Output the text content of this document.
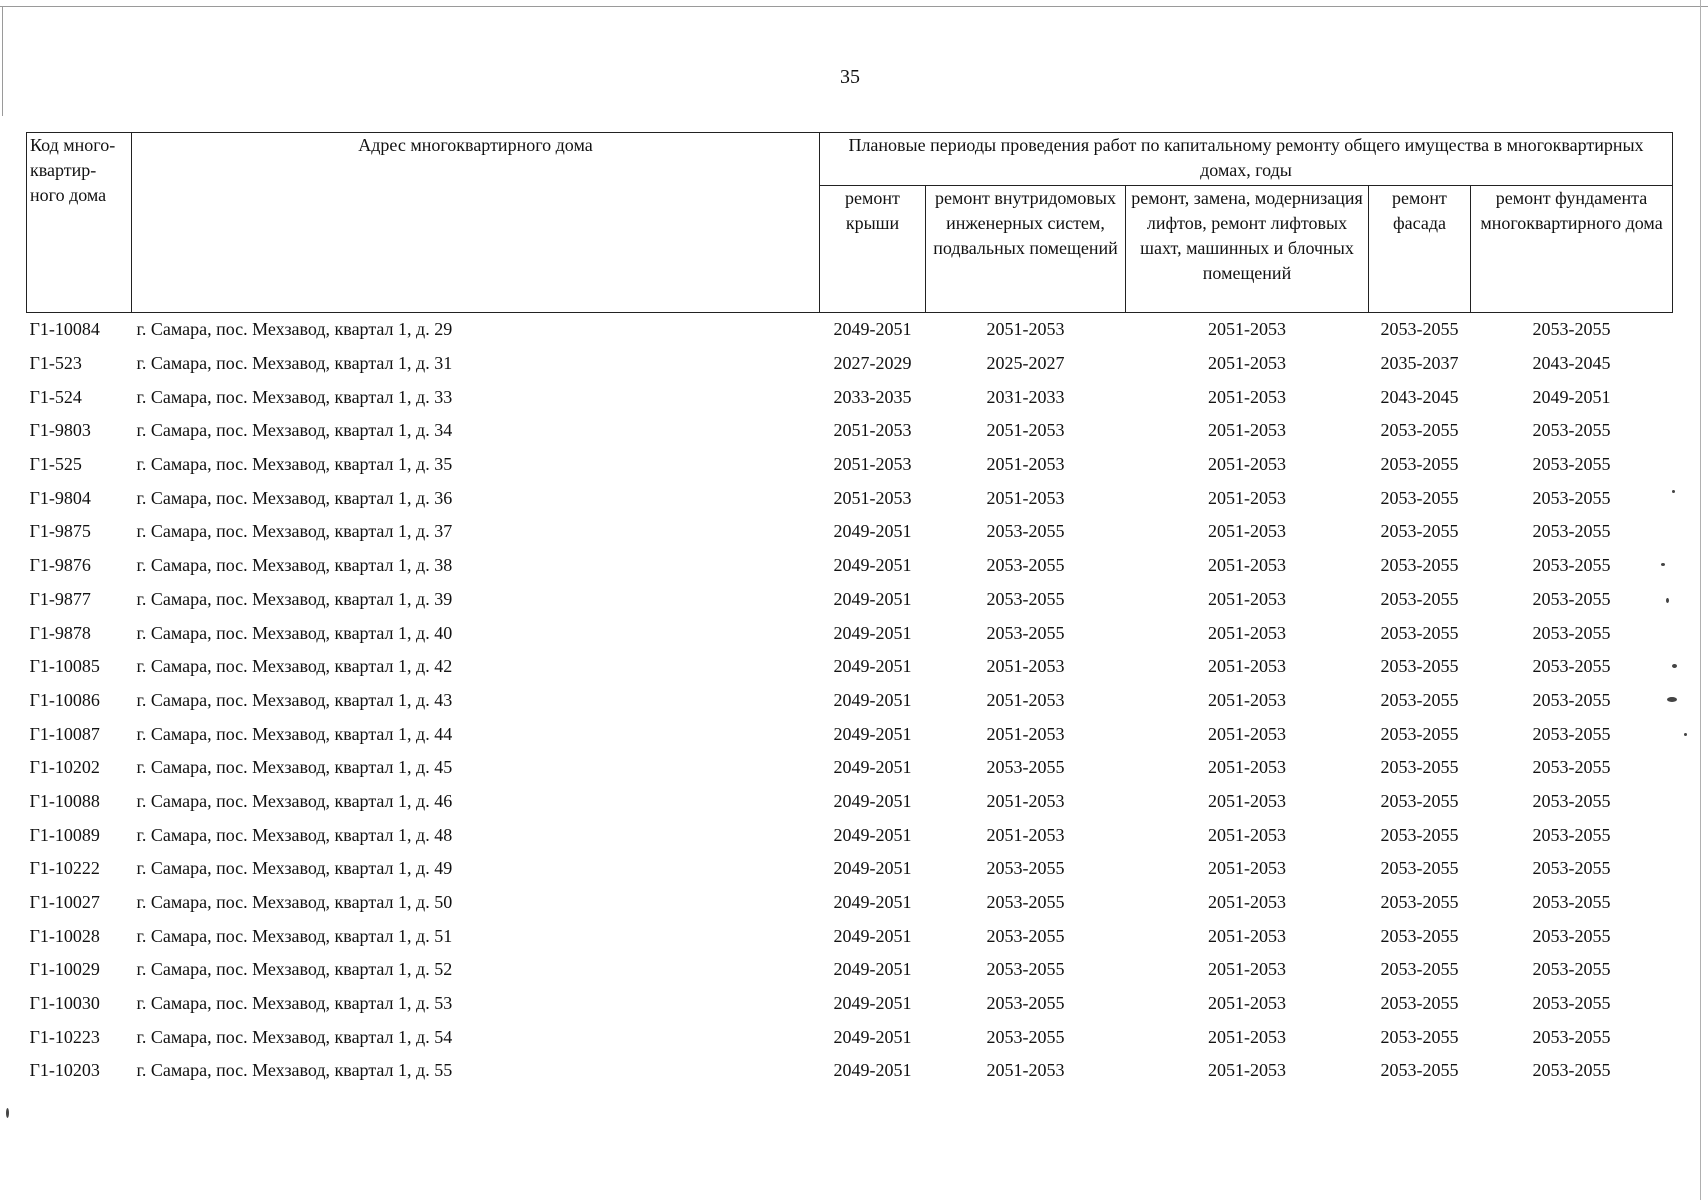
35
Код много-квартир-ного дома	Адрес многоквартирного дома	Плановые периоды проведения работ по капитальному ремонту общего имущества в многоквартирных домах, годы				
		ремонт крыши	ремонт внутридомовых инженерных систем, подвальных помещений	ремонт, замена, модернизация лифтов, ремонт лифтовых шахт, машинных и блочных помещений	ремонт фасада	ремонт фундамента многоквартирного дома
Г1-10084	г. Самара, пос. Мехзавод, квартал 1, д. 29	2049-2051	2051-2053	2051-2053	2053-2055	2053-2055
Г1-523	г. Самара, пос. Мехзавод, квартал 1, д. 31	2027-2029	2025-2027	2051-2053	2035-2037	2043-2045
Г1-524	г. Самара, пос. Мехзавод, квартал 1, д. 33	2033-2035	2031-2033	2051-2053	2043-2045	2049-2051
Г1-9803	г. Самара, пос. Мехзавод, квартал 1, д. 34	2051-2053	2051-2053	2051-2053	2053-2055	2053-2055
Г1-525	г. Самара, пос. Мехзавод, квартал 1, д. 35	2051-2053	2051-2053	2051-2053	2053-2055	2053-2055
Г1-9804	г. Самара, пос. Мехзавод, квартал 1, д. 36	2051-2053	2051-2053	2051-2053	2053-2055	2053-2055
Г1-9875	г. Самара, пос. Мехзавод, квартал 1, д. 37	2049-2051	2053-2055	2051-2053	2053-2055	2053-2055
Г1-9876	г. Самара, пос. Мехзавод, квартал 1, д. 38	2049-2051	2053-2055	2051-2053	2053-2055	2053-2055
Г1-9877	г. Самара, пос. Мехзавод, квартал 1, д. 39	2049-2051	2053-2055	2051-2053	2053-2055	2053-2055
Г1-9878	г. Самара, пос. Мехзавод, квартал 1, д. 40	2049-2051	2053-2055	2051-2053	2053-2055	2053-2055
Г1-10085	г. Самара, пос. Мехзавод, квартал 1, д. 42	2049-2051	2051-2053	2051-2053	2053-2055	2053-2055
Г1-10086	г. Самара, пос. Мехзавод, квартал 1, д. 43	2049-2051	2051-2053	2051-2053	2053-2055	2053-2055
Г1-10087	г. Самара, пос. Мехзавод, квартал 1, д. 44	2049-2051	2051-2053	2051-2053	2053-2055	2053-2055
Г1-10202	г. Самара, пос. Мехзавод, квартал 1, д. 45	2049-2051	2053-2055	2051-2053	2053-2055	2053-2055
Г1-10088	г. Самара, пос. Мехзавод, квартал 1, д. 46	2049-2051	2051-2053	2051-2053	2053-2055	2053-2055
Г1-10089	г. Самара, пос. Мехзавод, квартал 1, д. 48	2049-2051	2051-2053	2051-2053	2053-2055	2053-2055
Г1-10222	г. Самара, пос. Мехзавод, квартал 1, д. 49	2049-2051	2053-2055	2051-2053	2053-2055	2053-2055
Г1-10027	г. Самара, пос. Мехзавод, квартал 1, д. 50	2049-2051	2053-2055	2051-2053	2053-2055	2053-2055
Г1-10028	г. Самара, пос. Мехзавод, квартал 1, д. 51	2049-2051	2053-2055	2051-2053	2053-2055	2053-2055
Г1-10029	г. Самара, пос. Мехзавод, квартал 1, д. 52	2049-2051	2053-2055	2051-2053	2053-2055	2053-2055
Г1-10030	г. Самара, пос. Мехзавод, квартал 1, д. 53	2049-2051	2053-2055	2051-2053	2053-2055	2053-2055
Г1-10223	г. Самара, пос. Мехзавод, квартал 1, д. 54	2049-2051	2053-2055	2051-2053	2053-2055	2053-2055
Г1-10203	г. Самара, пос. Мехзавод, квартал 1, д. 55	2049-2051	2051-2053	2051-2053	2053-2055	2053-2055
